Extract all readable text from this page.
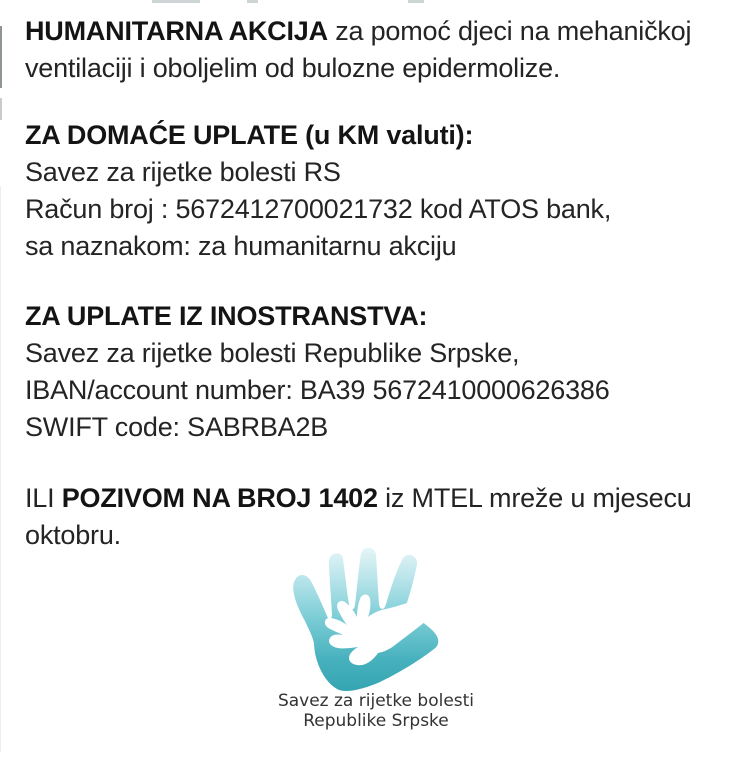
HUMANITARNA AKCIJA za pomoć djeci na mehaničkoj
ventilaciji i oboljelim od bulozne epidermolize.
ZA DOMAĆE UPLATE (u KM valuti):
Savez za rijetke bolesti RS
Račun broj : 5672412700021732 kod ATOS bank,
sa naznakom: za humanitarnu akciju
ZA UPLATE IZ INOSTRANSTVA:
Savez za rijetke bolesti Republike Srpske,
IBAN/account number: BA39 5672410000626386
SWIFT code: SABRBA2B
ILI POZIVOM NA BROJ 1402 iz MTEL mreže u mjesecu
oktobru.
Savez za rijetke bolesti
Republike Srpske
